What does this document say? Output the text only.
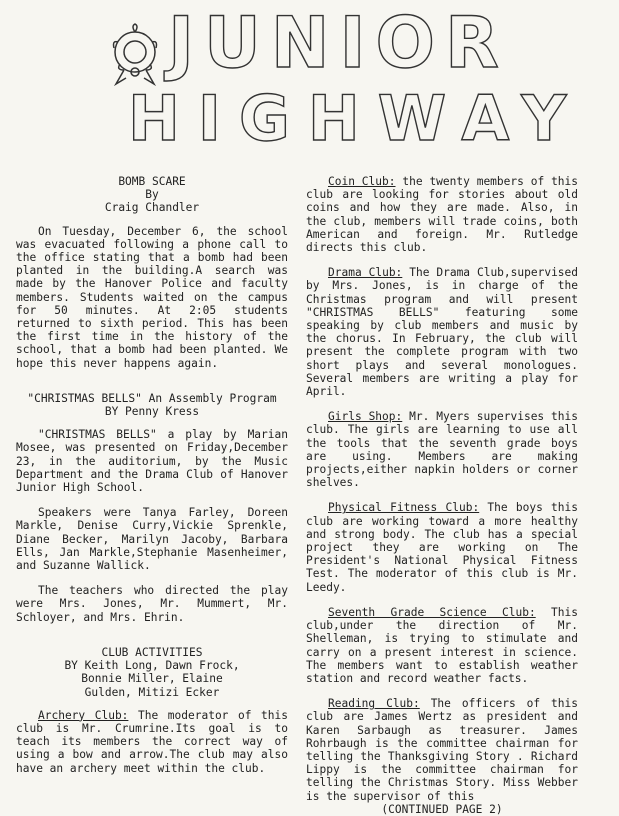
JUNIOR
HIGHWAY
BOMB SCARE
By
Craig Chandler

On Tuesday, December 6, the school was evacuated following a phone call to the office stating that a bomb had been planted in the building.A search was made by the Hanover Police and faculty members. Students waited on the campus for 50 minutes. At 2:05 students returned to sixth period. This has been the first time in the history of the school, that a bomb had been planted. We hope this never happens again.

"CHRISTMAS BELLS" An Assembly Program
BY Penny Kress

"CHRISTMAS BELLS" a play by Marian Mosee, was presented on Friday,December 23, in the auditorium, by the Music Department and the Drama Club of Hanover Junior High School.

Speakers were Tanya Farley, Doreen Markle, Denise Curry,Vickie Sprenkle, Diane Becker, Marilyn Jacoby, Barbara Ells, Jan Markle,Stephanie Masenheimer, and Suzanne Wallick.

The teachers who directed the play were Mrs. Jones, Mr. Mummert, Mr. Schloyer, and Mrs. Ehrin.

CLUB ACTIVITIES
BY Keith Long, Dawn Frock,
Bonnie Miller, Elaine
Gulden, Mitizi Ecker

Archery Club: The moderator of this club is Mr. Crumrine.Its goal is to teach its members the correct way of using a bow and arrow.The club may also have an archery meet within the club.

Coin Club: the twenty members of this club are looking for stories about old coins and how they are made. Also, in the club, members will trade coins, both American and foreign. Mr. Rutledge directs this club.

Drama Club: The Drama Club,supervised by Mrs. Jones, is in charge of the Christmas program and will present "CHRISTMAS BELLS" featuring some speaking by club members and music by the chorus. In February, the club will present the complete program with two short plays and several monologues. Several members are writing a play for April.

Girls Shop: Mr. Myers supervises this club. The girls are learning to use all the tools that the seventh grade boys are using. Members are making projects,either napkin holders or corner shelves.

Physical Fitness Club: The boys this club are working toward a more healthy and strong body. The club has a special project they are working on The President's National Physical Fitness Test. The moderator of this club is Mr. Leedy.

Seventh Grade Science Club: This club,under the direction of Mr. Shelleman, is trying to stimulate and carry on a present interest in science. The members want to establish weather station and record weather facts.

Reading Club: The officers of this club are James Wertz as president and Karen Sarbaugh as treasurer. James Rohrbaugh is the committee chairman for telling the Thanksgiving Story . Richard Lippy is the committee chairman for telling the Christmas Story. Miss Webber is the supervisor of this

(CONTINUED PAGE 2)
